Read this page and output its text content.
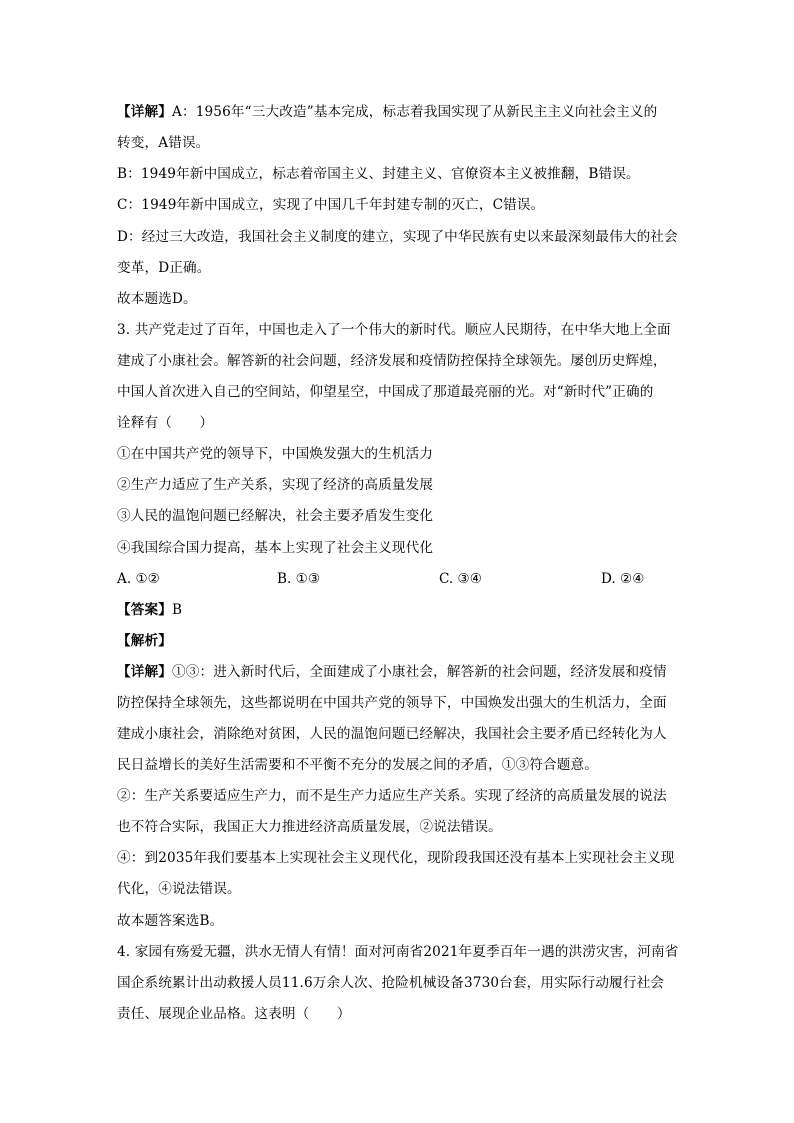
【详解】A：1956年“三大改造”基本完成，标志着我国实现了从新民主主义向社会主义的
转变，A错误。
B：1949年新中国成立，标志着帝国主义、封建主义、官僚资本主义被推翻，B错误。
C：1949年新中国成立，实现了中国几千年封建专制的灭亡，C错误。
D：经过三大改造，我国社会主义制度的建立，实现了中华民族有史以来最深刻最伟大的社会
变革，D正确。
故本题选D。
3. 共产党走过了百年，中国也走入了一个伟大的新时代。顺应人民期待，在中华大地上全面
建成了小康社会。解答新的社会问题，经济发展和疫情防控保持全球领先。屡创历史辉煌，
中国人首次进入自己的空间站，仰望星空，中国成了那道最亮丽的光。对“新时代”正确的
诠释有（　　）
①在中国共产党的领导下，中国焕发强大的生机活力
②生产力适应了生产关系，实现了经济的高质量发展
③人民的温饱问题已经解决，社会主要矛盾发生变化
④我国综合国力提高，基本上实现了社会主义现代化
A. ①②	B. ①③	C. ③④	D. ②④
【答案】B
【解析】
【详解】①③：进入新时代后，全面建成了小康社会，解答新的社会问题，经济发展和疫情
防控保持全球领先，这些都说明在中国共产党的领导下，中国焕发出强大的生机活力，全面
建成小康社会，消除绝对贫困，人民的温饱问题已经解决，我国社会主要矛盾已经转化为人
民日益增长的美好生活需要和不平衡不充分的发展之间的矛盾，①③符合题意。
②：生产关系要适应生产力，而不是生产力适应生产关系。实现了经济的高质量发展的说法
也不符合实际，我国正大力推进经济高质量发展，②说法错误。
④：到2035年我们要基本上实现社会主义现代化，现阶段我国还没有基本上实现社会主义现
代化，④说法错误。
故本题答案选B。
4. 家园有殇爱无疆，洪水无情人有情！面对河南省2021年夏季百年一遇的洪涝灾害，河南省
国企系统累计出动救援人员11.6万余人次、抢险机械设备3730台套，用实际行动履行社会
责任、展现企业品格。这表明（　　）
